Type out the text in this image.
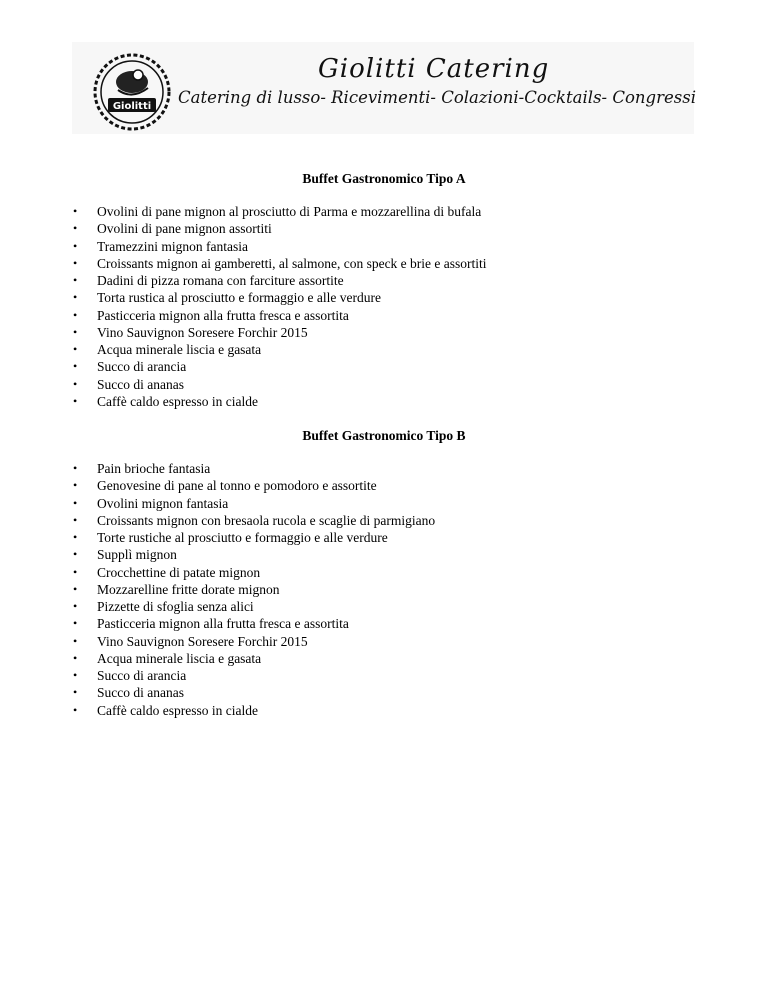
Giolitti
Giolitti Catering
Catering di lusso- Ricevimenti- Colazioni-Cocktails- Congressi
Buffet Gastronomico Tipo A
• Ovolini di pane mignon al prosciutto di Parma e mozzarellina di bufala
• Ovolini di pane mignon assortiti
• Tramezzini mignon fantasia
• Croissants mignon ai gamberetti, al salmone, con speck e brie e assortiti
• Dadini di pizza romana con farciture assortite
• Torta rustica al prosciutto e formaggio e alle verdure
• Pasticceria mignon alla frutta fresca e assortita
• Vino Sauvignon Soresere Forchir 2015
• Acqua minerale liscia e gasata
• Succo di arancia
• Succo di ananas
• Caffè caldo espresso in cialde
Buffet Gastronomico Tipo B
• Pain brioche fantasia
• Genovesine di pane al tonno e pomodoro e assortite
• Ovolini mignon fantasia
• Croissants mignon con bresaola rucola e scaglie di parmigiano
• Torte rustiche al prosciutto e formaggio e alle verdure
• Supplì mignon
• Crocchettine di patate mignon
• Mozzarelline fritte dorate mignon
• Pizzette di sfoglia senza alici
• Pasticceria mignon alla frutta fresca e assortita
• Vino Sauvignon Soresere Forchir 2015
• Acqua minerale liscia e gasata
• Succo di arancia
• Succo di ananas
• Caffè caldo espresso in cialde
